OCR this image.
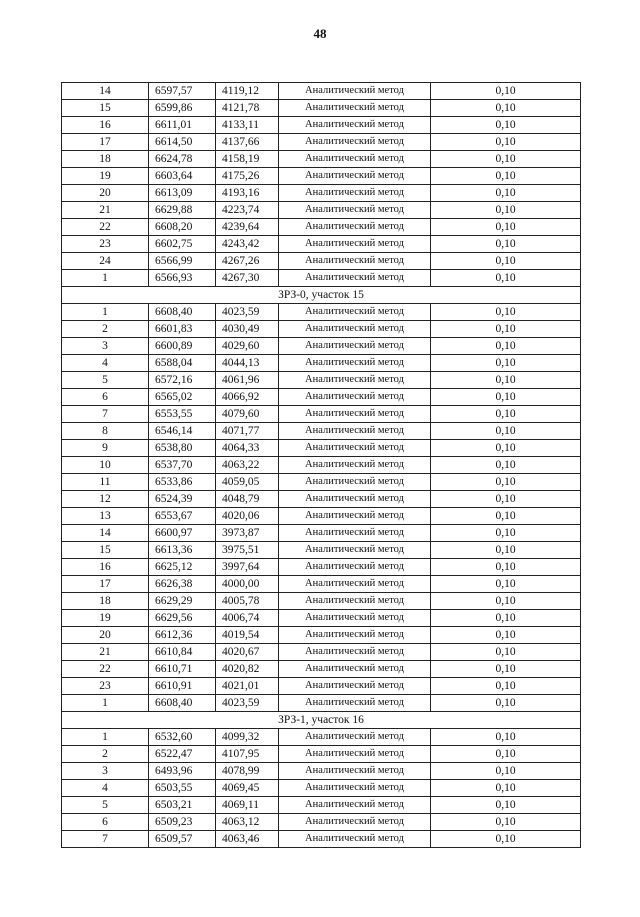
48
14	6597,57	4119,12	Аналитический метод	0,10
15	6599,86	4121,78	Аналитический метод	0,10
16	6611,01	4133,11	Аналитический метод	0,10
17	6614,50	4137,66	Аналитический метод	0,10
18	6624,78	4158,19	Аналитический метод	0,10
19	6603,64	4175,26	Аналитический метод	0,10
20	6613,09	4193,16	Аналитический метод	0,10
21	6629,88	4223,74	Аналитический метод	0,10
22	6608,20	4239,64	Аналитический метод	0,10
23	6602,75	4243,42	Аналитический метод	0,10
24	6566,99	4267,26	Аналитический метод	0,10
1	6566,93	4267,30	Аналитический метод	0,10
ЗРЗ-0, участок 15				
1	6608,40	4023,59	Аналитический метод	0,10
2	6601,83	4030,49	Аналитический метод	0,10
3	6600,89	4029,60	Аналитический метод	0,10
4	6588,04	4044,13	Аналитический метод	0,10
5	6572,16	4061,96	Аналитический метод	0,10
6	6565,02	4066,92	Аналитический метод	0,10
7	6553,55	4079,60	Аналитический метод	0,10
8	6546,14	4071,77	Аналитический метод	0,10
9	6538,80	4064,33	Аналитический метод	0,10
10	6537,70	4063,22	Аналитический метод	0,10
11	6533,86	4059,05	Аналитический метод	0,10
12	6524,39	4048,79	Аналитический метод	0,10
13	6553,67	4020,06	Аналитический метод	0,10
14	6600,97	3973,87	Аналитический метод	0,10
15	6613,36	3975,51	Аналитический метод	0,10
16	6625,12	3997,64	Аналитический метод	0,10
17	6626,38	4000,00	Аналитический метод	0,10
18	6629,29	4005,78	Аналитический метод	0,10
19	6629,56	4006,74	Аналитический метод	0,10
20	6612,36	4019,54	Аналитический метод	0,10
21	6610,84	4020,67	Аналитический метод	0,10
22	6610,71	4020,82	Аналитический метод	0,10
23	6610,91	4021,01	Аналитический метод	0,10
1	6608,40	4023,59	Аналитический метод	0,10
ЗРЗ-1, участок 16				
1	6532,60	4099,32	Аналитический метод	0,10
2	6522,47	4107,95	Аналитический метод	0,10
3	6493,96	4078,99	Аналитический метод	0,10
4	6503,55	4069,45	Аналитический метод	0,10
5	6503,21	4069,11	Аналитический метод	0,10
6	6509,23	4063,12	Аналитический метод	0,10
7	6509,57	4063,46	Аналитический метод	0,10
